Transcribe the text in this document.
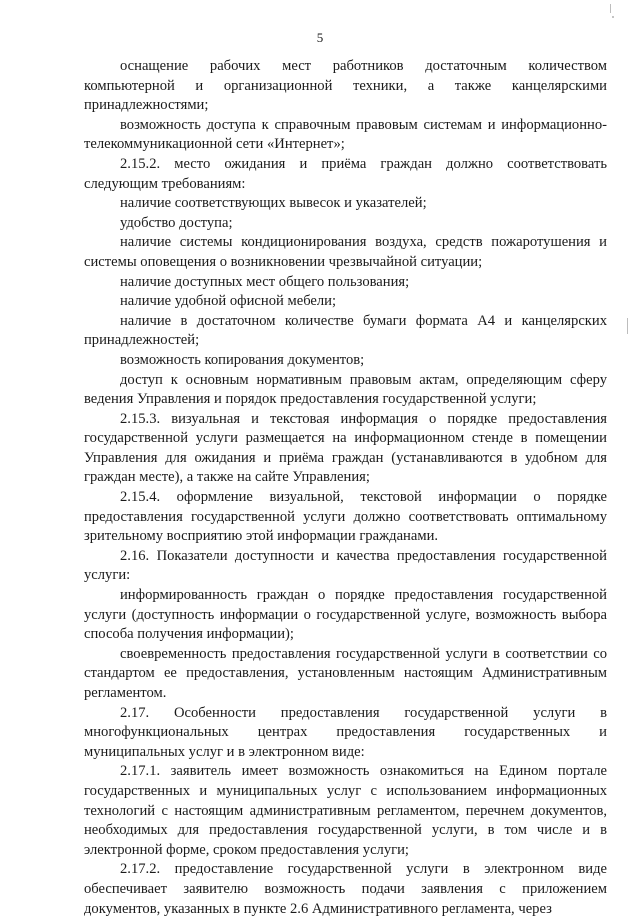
5

оснащение рабочих мест работников достаточным количеством компьютерной и организационной техники, а также канцелярскими принадлежностями;

возможность доступа к справочным правовым системам и информационно-телекоммуникационной сети «Интернет»;

2.15.2. место ожидания и приёма граждан должно соответствовать следующим требованиям:

наличие соответствующих вывесок и указателей;

удобство доступа;

наличие системы кондиционирования воздуха, средств пожаротушения и системы оповещения о возникновении чрезвычайной ситуации;

наличие доступных мест общего пользования;

наличие удобной офисной мебели;

наличие в достаточном количестве бумаги формата А4 и канцелярских принадлежностей;

возможность копирования документов;

доступ к основным нормативным правовым актам, определяющим сферу ведения Управления и порядок предоставления государственной услуги;

2.15.3. визуальная и текстовая информация о порядке предоставления государственной услуги размещается на информационном стенде в помещении Управления для ожидания и приёма граждан (устанавливаются в удобном для граждан месте), а также на сайте Управления;

2.15.4. оформление визуальной, текстовой информации о порядке предоставления государственной услуги должно соответствовать оптимальному зрительному восприятию этой информации гражданами.

2.16. Показатели доступности и качества предоставления государственной услуги:

информированность граждан о порядке предоставления государственной услуги (доступность информации о государственной услуге, возможность выбора способа получения информации);

своевременность предоставления государственной услуги в соответствии со стандартом ее предоставления, установленным настоящим Административным регламентом.

2.17. Особенности предоставления государственной услуги в многофункциональных центрах предоставления государственных и муниципальных услуг и в электронном виде:

2.17.1. заявитель имеет возможность ознакомиться на Едином портале государственных и муниципальных услуг с использованием информационных технологий с настоящим административным регламентом, перечнем документов, необходимых для предоставления государственной услуги, в том числе и в электронной форме, сроком предоставления услуги;

2.17.2. предоставление государственной услуги в электронном виде обеспечивает заявителю возможность подачи заявления с приложением документов, указанных в пункте 2.6 Административного регламента, через
